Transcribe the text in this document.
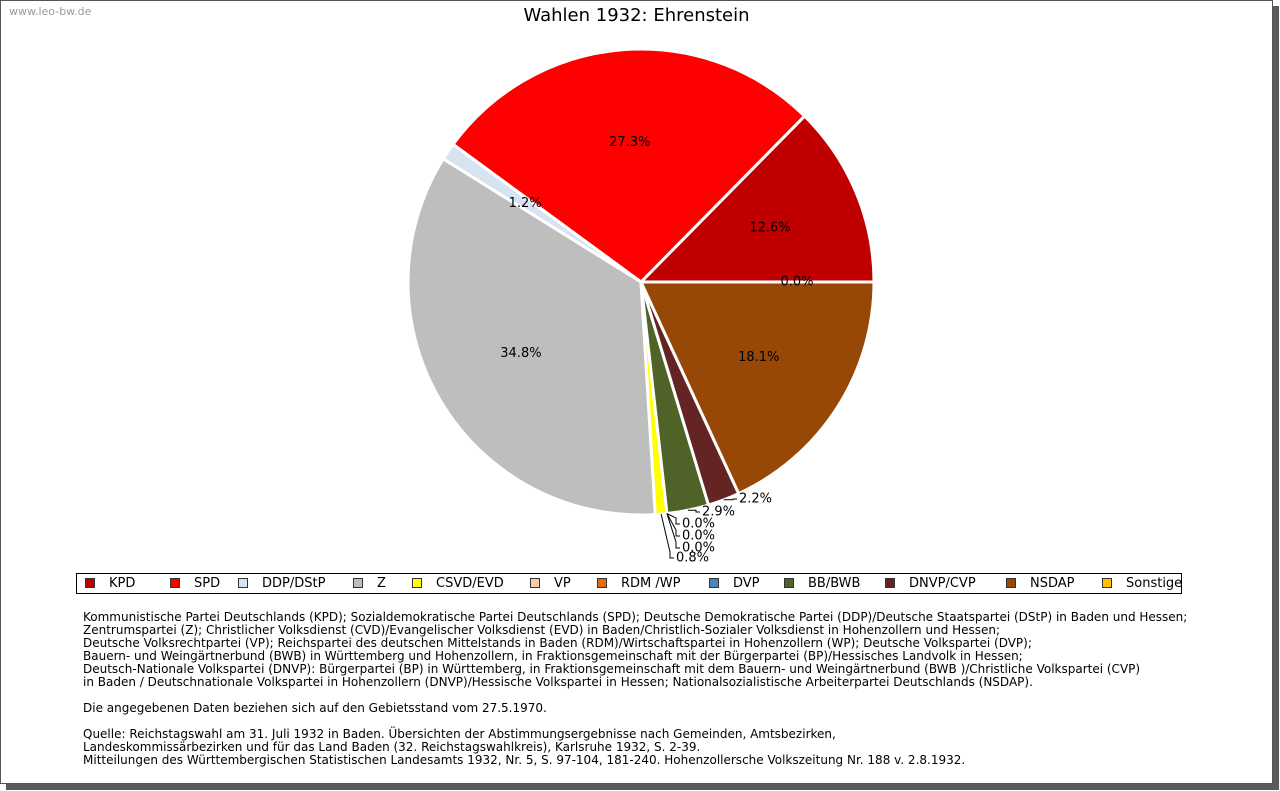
www.leo-bw.de	Wahlen 1932: Ehrenstein
12.6%
27.3%
1.2%
34.8%	18.1%
0.0%
2.2%
2.9%
0.0%
0.0%
0.0%
0.8%
KPD	SPD	DDP/DStP	Z	CSVD/EVD	VP	RDM /WP	DVP	BB/BWB	DNVP/CVP	NSDAP	Sonstige

Kommunistische Partei Deutschlands (KPD); Sozialdemokratische Partei Deutschlands (SPD); Deutsche Demokratische Partei (DDP)/Deutsche Staatspartei (DStP) in Baden und Hessen;
Zentrumspartei (Z); Christlicher Volksdienst (CVD)/Evangelischer Volksdienst (EVD) in Baden/Christlich-Sozialer Volksdienst in Hohenzollern und Hessen;
Deutsche Volksrechtpartei (VP); Reichspartei des deutschen Mittelstands in Baden (RDM)/Wirtschaftspartei in Hohenzollern (WP); Deutsche Volkspartei (DVP);
Bauern- und Weingärtnerbund (BWB) in Württemberg und Hohenzollern, in Fraktionsgemeinschaft mit der Bürgerpartei (BP)/Hessisches Landvolk in Hessen;
Deutsch-Nationale Volkspartei (DNVP): Bürgerpartei (BP) in Württemberg, in Fraktionsgemeinschaft mit dem Bauern- und Weingärtnerbund (BWB )/Christliche Volkspartei (CVP)
in Baden / Deutschnationale Volkspartei in Hohenzollern (DNVP)/Hessische Volkspartei in Hessen; Nationalsozialistische Arbeiterpartei Deutschlands (NSDAP).

Die angegebenen Daten beziehen sich auf den Gebietsstand vom 27.5.1970.

Quelle: Reichstagswahl am 31. Juli 1932 in Baden. Übersichten der Abstimmungsergebnisse nach Gemeinden, Amtsbezirken,
Landeskommissärbezirken und für das Land Baden (32. Reichstagswahlkreis), Karlsruhe 1932, S. 2-39.
Mitteilungen des Württembergischen Statistischen Landesamts 1932, Nr. 5, S. 97-104, 181-240. Hohenzollersche Volkszeitung Nr. 188 v. 2.8.1932.
